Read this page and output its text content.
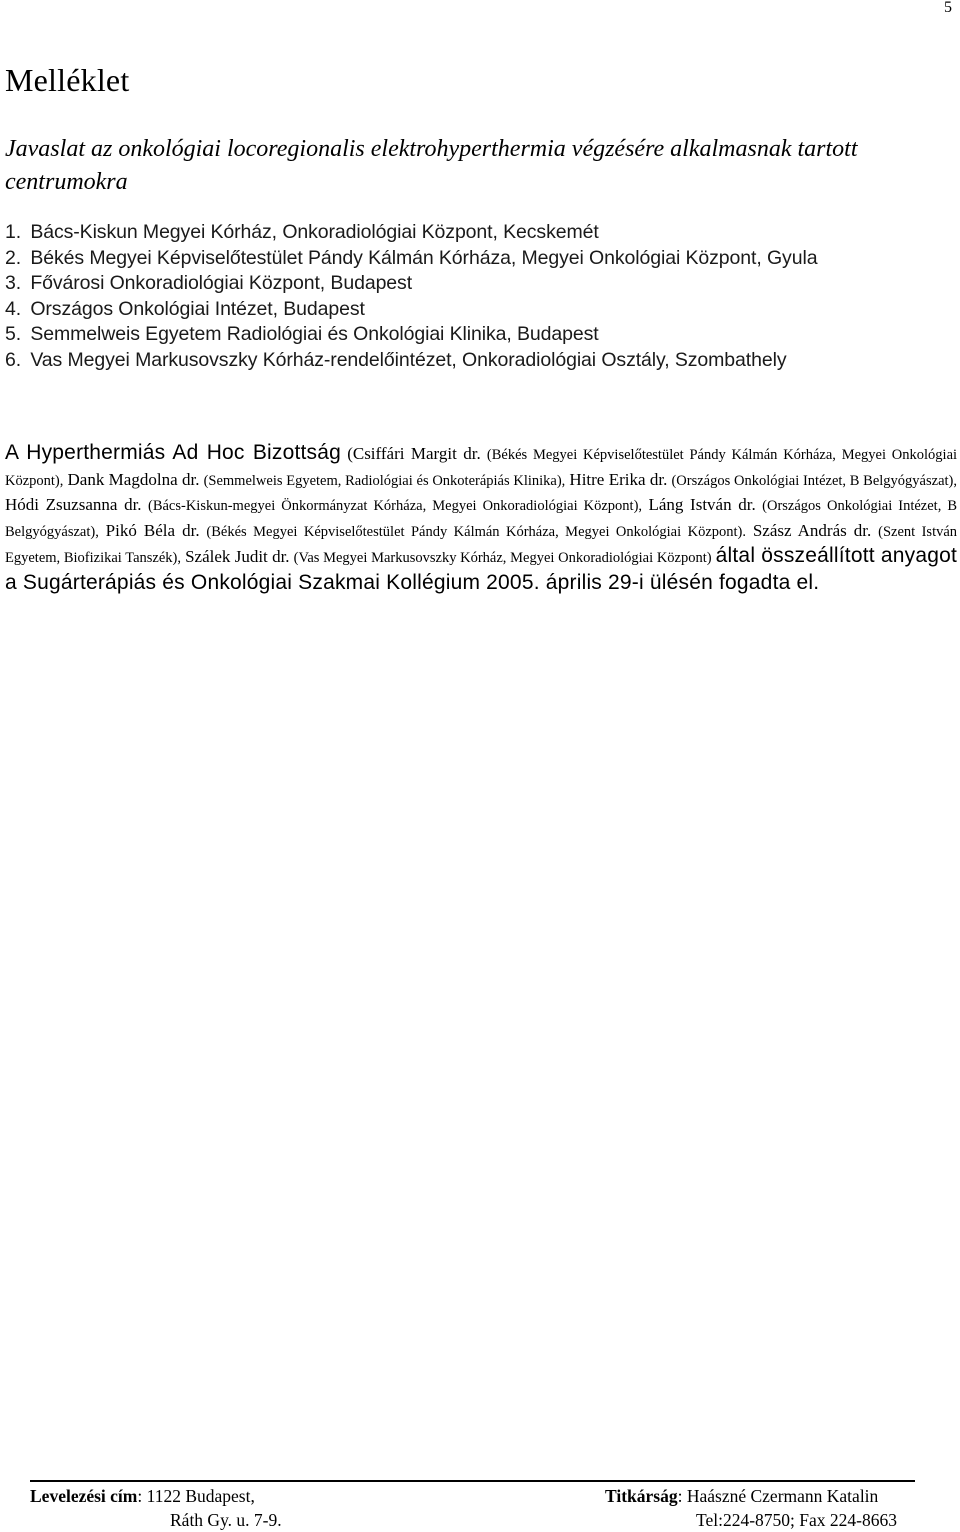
5
Melléklet
Javaslat az onkológiai locoregionalis elektrohyperthermia végzésére alkalmasnak tartott centrumokra
1. Bács-Kiskun Megyei Kórház, Onkoradiológiai Központ, Kecskemét
2. Békés Megyei Képviselőtestület Pándy Kálmán Kórháza, Megyei Onkológiai Központ, Gyula
3. Fővárosi Onkoradiológiai Központ, Budapest
4. Országos Onkológiai Intézet, Budapest
5. Semmelweis Egyetem Radiológiai és Onkológiai Klinika, Budapest
6. Vas Megyei Markusovszky Kórház-rendelőintézet, Onkoradiológiai Osztály, Szombathely

A Hyperthermiás Ad Hoc Bizottság (Csiffári Margit dr. (Békés Megyei Képviselőtestület Pándy Kálmán Kórháza, Megyei Onkológiai Központ), Dank Magdolna dr. (Semmelweis Egyetem, Radiológiai és Onkoterápiás Klinika), Hitre Erika dr. (Országos Onkológiai Intézet, B Belgyógyászat), Hódi Zsuzsanna dr. (Bács-Kiskun-megyei Önkormányzat Kórháza, Megyei Onkoradiológiai Központ), Láng István dr. (Országos Onkológiai Intézet, B Belgyógyászat), Pikó Béla dr. (Békés Megyei Képviselőtestület Pándy Kálmán Kórháza, Megyei Onkológiai Központ). Szász András dr. (Szent István Egyetem, Biofizikai Tanszék), Szálek Judit dr. (Vas Megyei Markusovszky Kórház, Megyei Onkoradiológiai Központ) által összeállított anyagot a Sugárterápiás és Onkológiai Szakmai Kollégium 2005. április 29-i ülésén fogadta el.

Levelezési cím: 1122 Budapest,
Ráth Gy. u. 7-9.
Titkárság: Haászné Czermann Katalin
Tel:224-8750; Fax 224-8663
